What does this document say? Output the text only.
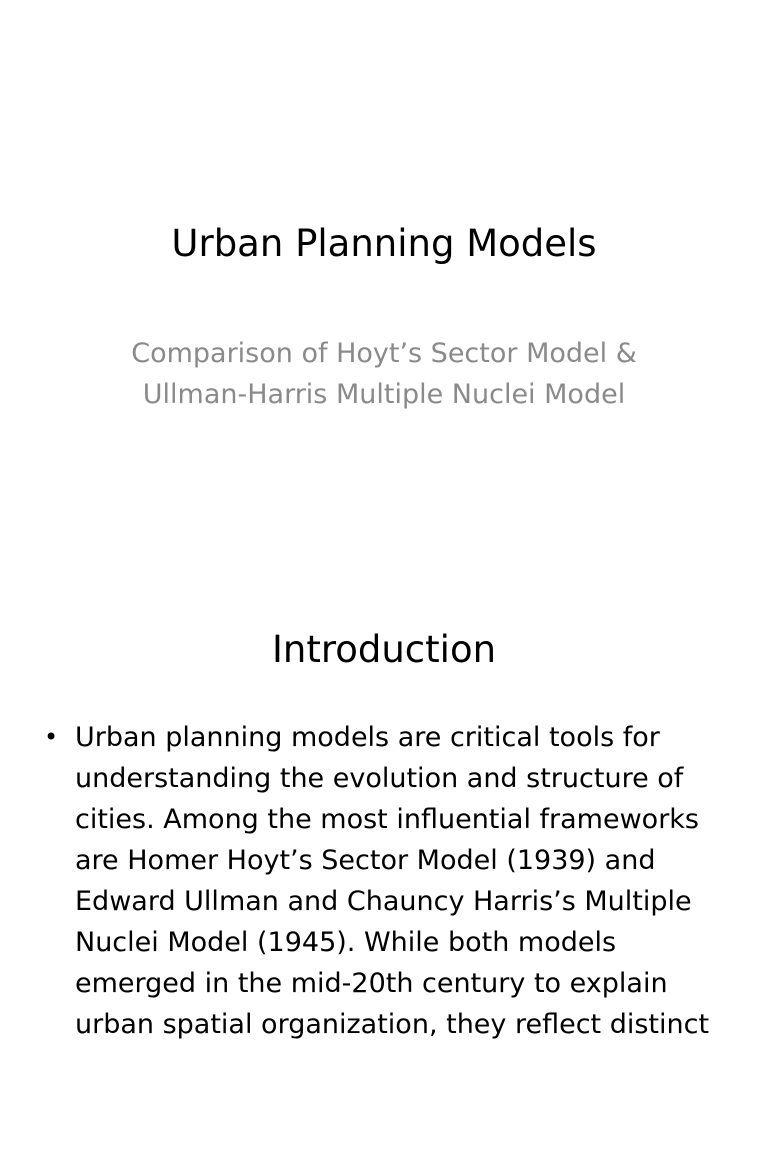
Urban Planning Models

Comparison of Hoyt’s Sector Model & Ullman-Harris Multiple Nuclei Model

Introduction
• Urban planning models are critical tools for understanding the evolution and structure of cities. Among the most influential frameworks are Homer Hoyt’s Sector Model (1939) and Edward Ullman and Chauncy Harris’s Multiple Nuclei Model (1945). While both models emerged in the mid-20th century to explain urban spatial organization, they reflect distinct
